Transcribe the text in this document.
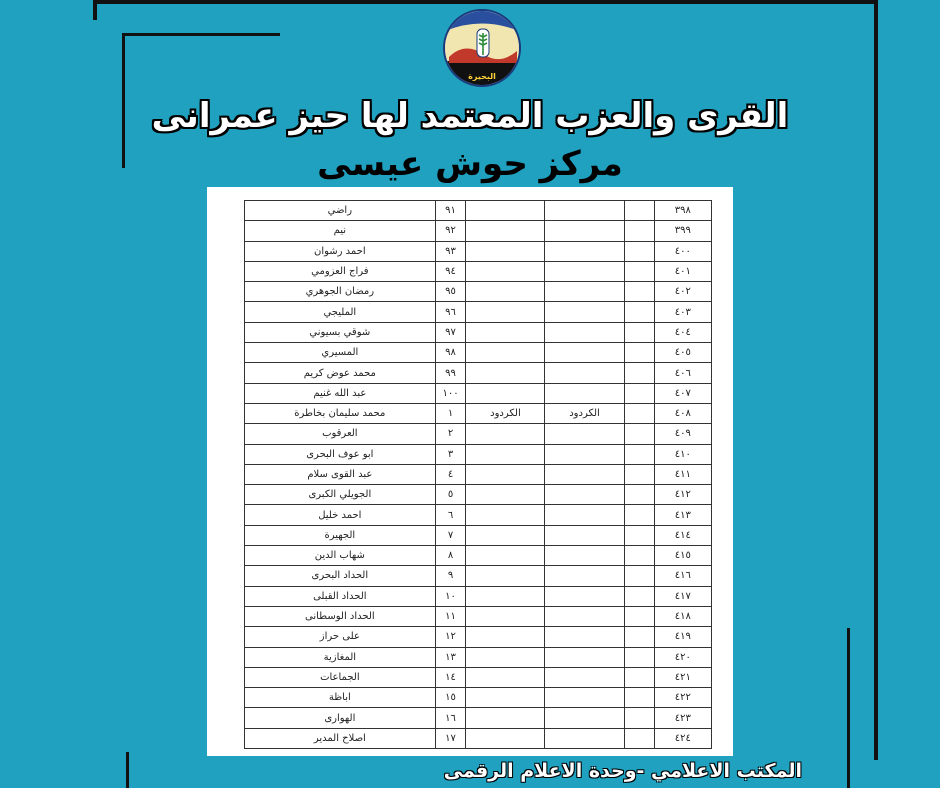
البحيرة
القرى والعزب المعتمد لها حيز عمرانى
مركز حوش عيسى
٣٩٨				٩١	راضي
٣٩٩				٩٢	نيم
٤٠٠				٩٣	احمد رشوان
٤٠١				٩٤	فراج العزومي
٤٠٢				٩٥	رمضان الجوهري
٤٠٣				٩٦	المليجي
٤٠٤				٩٧	شوقي بسيوني
٤٠٥				٩٨	المسيري
٤٠٦				٩٩	محمد عوض كريم
٤٠٧				١٠٠	عبد الله غنيم
٤٠٨		الكردود	الكردود	١	محمد سليمان بخاطرة
٤٠٩				٢	العرقوب
٤١٠				٣	ابو عوف البحرى
٤١١				٤	عبد القوى سلام
٤١٢				٥	الجويلي الكبرى
٤١٣				٦	احمد خليل
٤١٤				٧	الجهيرة
٤١٥				٨	شهاب الدين
٤١٦				٩	الحداد البحرى
٤١٧				١٠	الحداد القبلى
٤١٨				١١	الحداد الوسطانى
٤١٩				١٢	على حراز
٤٢٠				١٣	المغازية
٤٢١				١٤	الجماعات
٤٢٢				١٥	اباظة
٤٢٣				١٦	الهوارى
٤٢٤				١٧	اصلاح المدير
المكتب الاعلامي -وحدة الاعلام الرقمى
